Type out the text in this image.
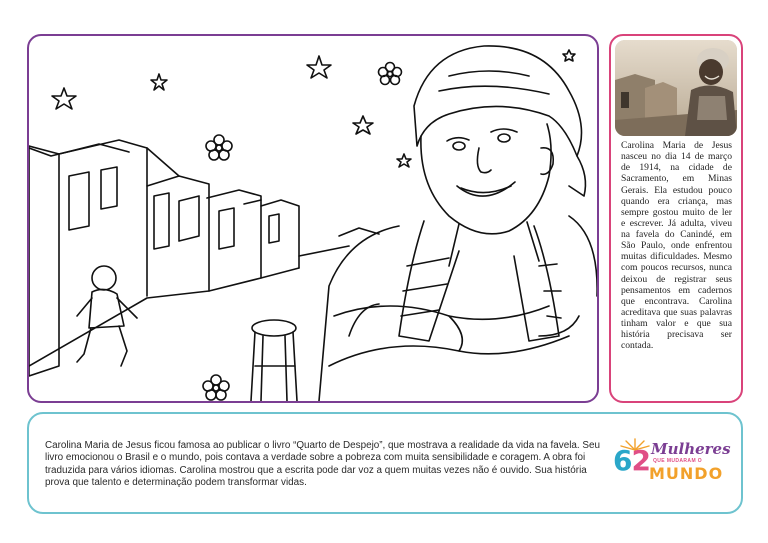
Carolina Maria de Jesus nasceu no dia 14 de março de 1914, na cidade de Sacramento, em Minas Gerais. Ela estudou pouco quando era criança, mas sempre gostou muito de ler e escrever. Já adulta, viveu na favela do Canindé, em São Paulo, onde enfrentou muitas dificuldades. Mesmo com poucos recursos, nunca deixou de registrar seus pensamentos em cadernos que encontrava. Carolina acreditava que suas palavras tinham valor e que sua história precisava ser contada.
Carolina Maria de Jesus ficou famosa ao publicar o livro “Quarto de Despejo”, que mostrava a realidade da vida na favela. Seu livro emocionou o Brasil e o mundo, pois contava a verdade sobre a pobreza com muita sensibilidade e coragem. A obra foi traduzida para vários idiomas. Carolina mostrou que a escrita pode dar voz a quem muitas vezes não é ouvido. Sua história prova que talento e determinação podem transformar vidas.
62 Mulheres
QUE MUDARAM O
MUNDO
